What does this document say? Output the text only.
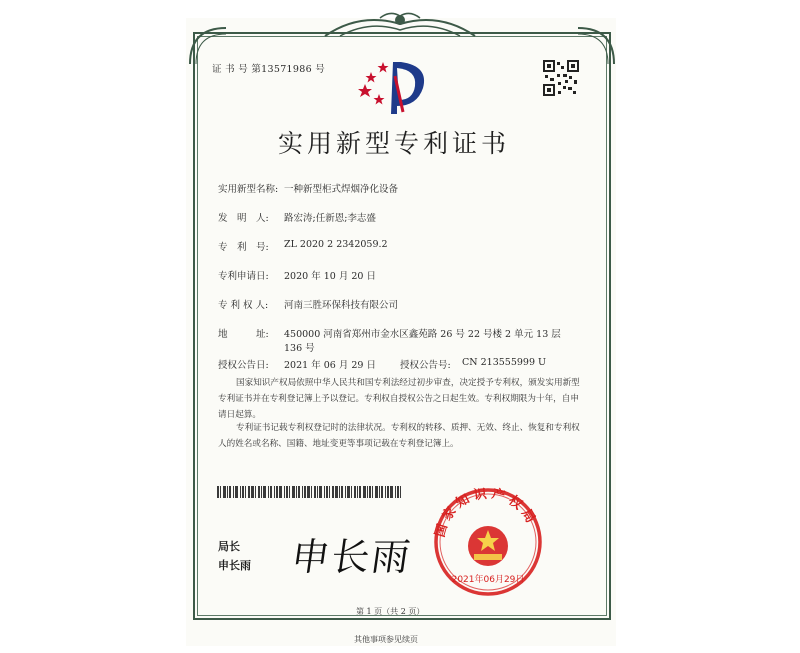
证 书 号 第13571986 号
实用新型专利证书
实用新型名称: 一种新型柜式焊烟净化设备
发　明　人: 路宏涛;任新恩;李志盛
专　利　号: ZL 2020 2 2342059.2
专利申请日: 2020 年 10 月 20 日
专 利 权 人: 河南三胜环保科技有限公司
地　　　址: 450000 河南省郑州市金水区鑫苑路 26 号 22 号楼 2 单元 13 层
136 号
授权公告日: 2021 年 06 月 29 日	授权公告号: CN 213555999 U
国家知识产权局依照中华人民共和国专利法经过初步审查，决定授予专利权，颁发实用新型专利证书并在专利登记簿上予以登记。专利权自授权公告之日起生效。专利权期限为十年，自申请日起算。
专利证书记载专利权登记时的法律状况。专利权的转移、质押、无效、终止、恢复和专利权人的姓名或名称、国籍、地址变更等事项记载在专利登记簿上。
局长
申长雨 申长雨
国家知识产权局
2021年06月29日
第 1 页（共 2 页）
其他事项参见续页
